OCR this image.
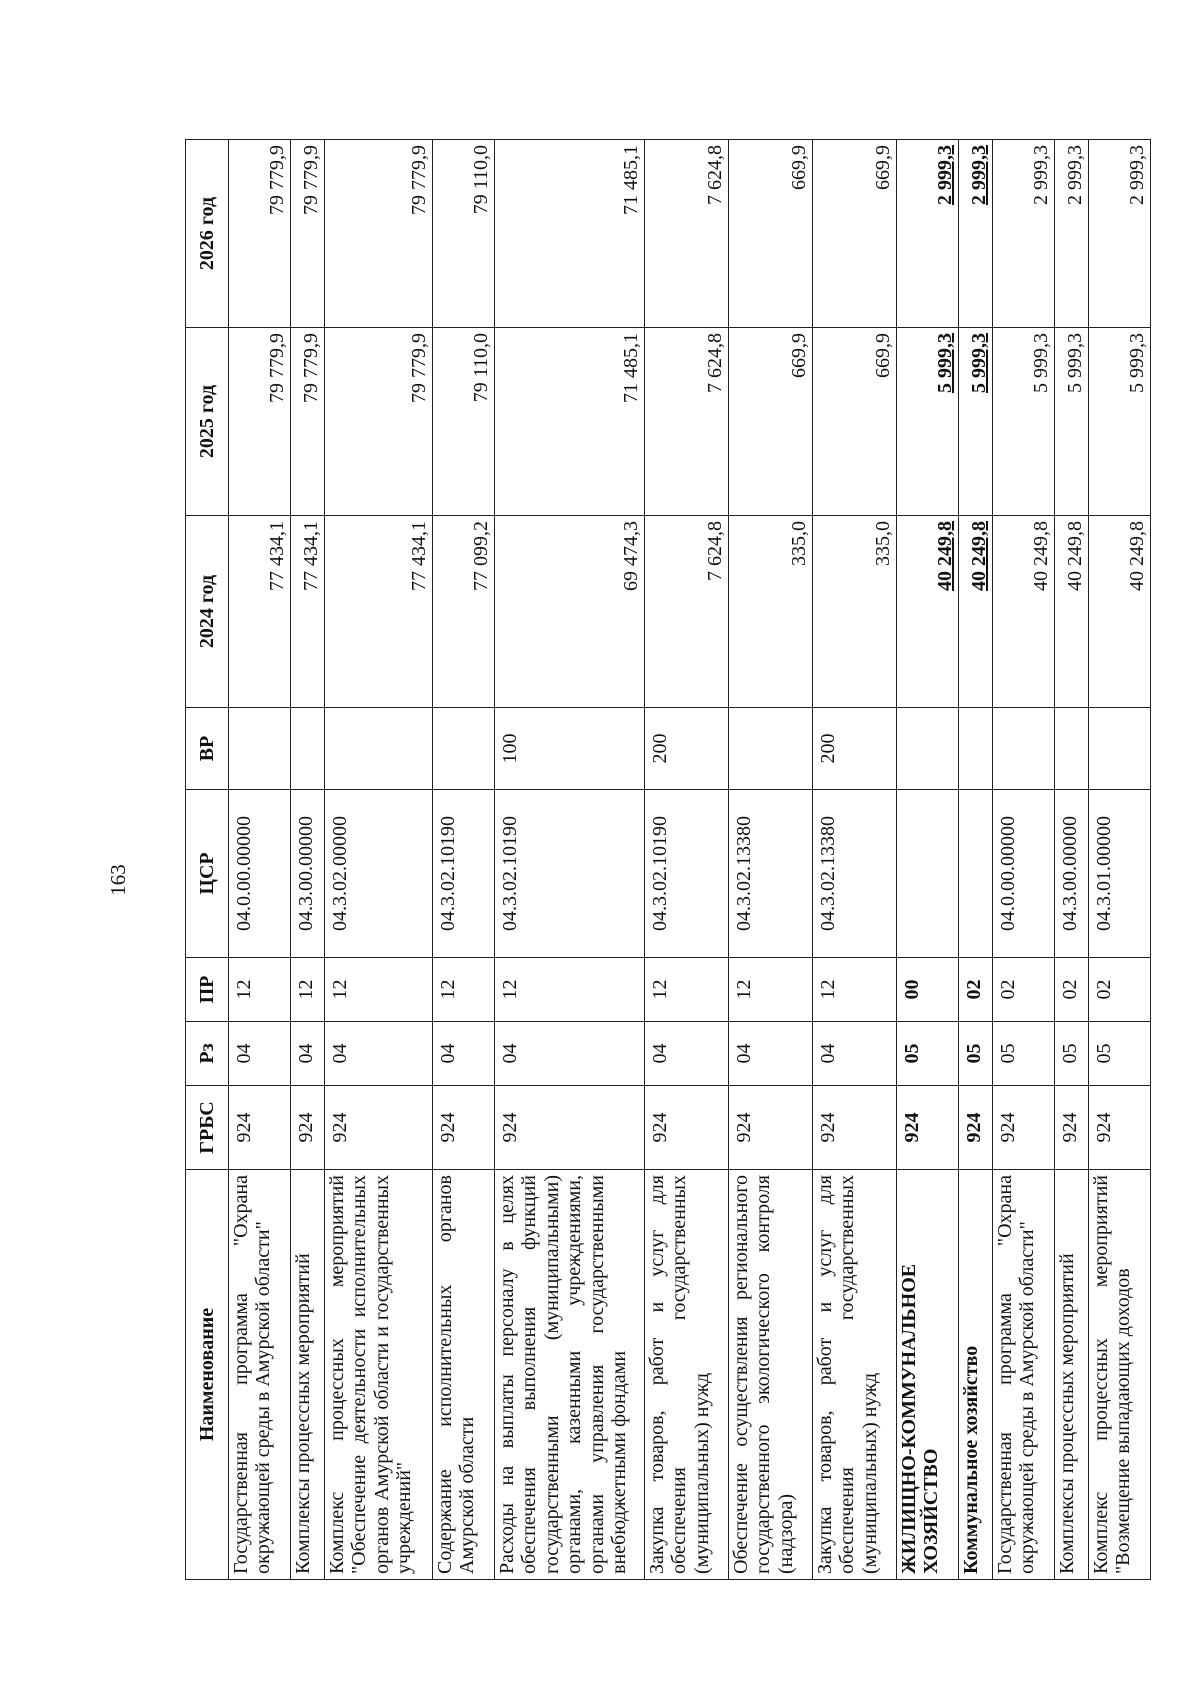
163
Наименование	ГРБС	Рз	ПР	ЦСР	ВР	2024 год	2025 год	2026 год
Государственная программа "Охрана окружающей среды в Амурской области"	924	04	12	04.0.00.00000		77 434,1	79 779,9	79 779,9
Комплексы процессных мероприятий	924	04	12	04.3.00.00000		77 434,1	79 779,9	79 779,9
Комплекс процессных мероприятий "Обеспечение деятельности исполнительных органов Амурской области и государственных учреждений"	924	04	12	04.3.02.00000		77 434,1	79 779,9	79 779,9
Содержание исполнительных органов Амурской области	924	04	12	04.3.02.10190		77 099,2	79 110,0	79 110,0
Расходы на выплаты персоналу в целях обеспечения выполнения функций государственными (муниципальными) органами, казенными учреждениями, органами управления государственными внебюджетными фондами	924	04	12	04.3.02.10190	100	69 474,3	71 485,1	71 485,1
Закупка товаров, работ и услуг для обеспечения государственных (муниципальных) нужд	924	04	12	04.3.02.10190	200	7 624,8	7 624,8	7 624,8
Обеспечение осуществления регионального государственного экологического контроля (надзора)	924	04	12	04.3.02.13380		335,0	669,9	669,9
Закупка товаров, работ и услуг для обеспечения государственных (муниципальных) нужд	924	04	12	04.3.02.13380	200	335,0	669,9	669,9
ЖИЛИЩНО-КОММУНАЛЬНОЕ ХОЗЯЙСТВО	924	05	00			40 249,8	5 999,3	2 999,3
Коммунальное хозяйство	924	05	02			40 249,8	5 999,3	2 999,3
Государственная программа "Охрана окружающей среды в Амурской области"	924	05	02	04.0.00.00000		40 249,8	5 999,3	2 999,3
Комплексы процессных мероприятий	924	05	02	04.3.00.00000		40 249,8	5 999,3	2 999,3
Комплекс процессных мероприятий "Возмещение выпадающих доходов	924	05	02	04.3.01.00000		40 249,8	5 999,3	2 999,3
